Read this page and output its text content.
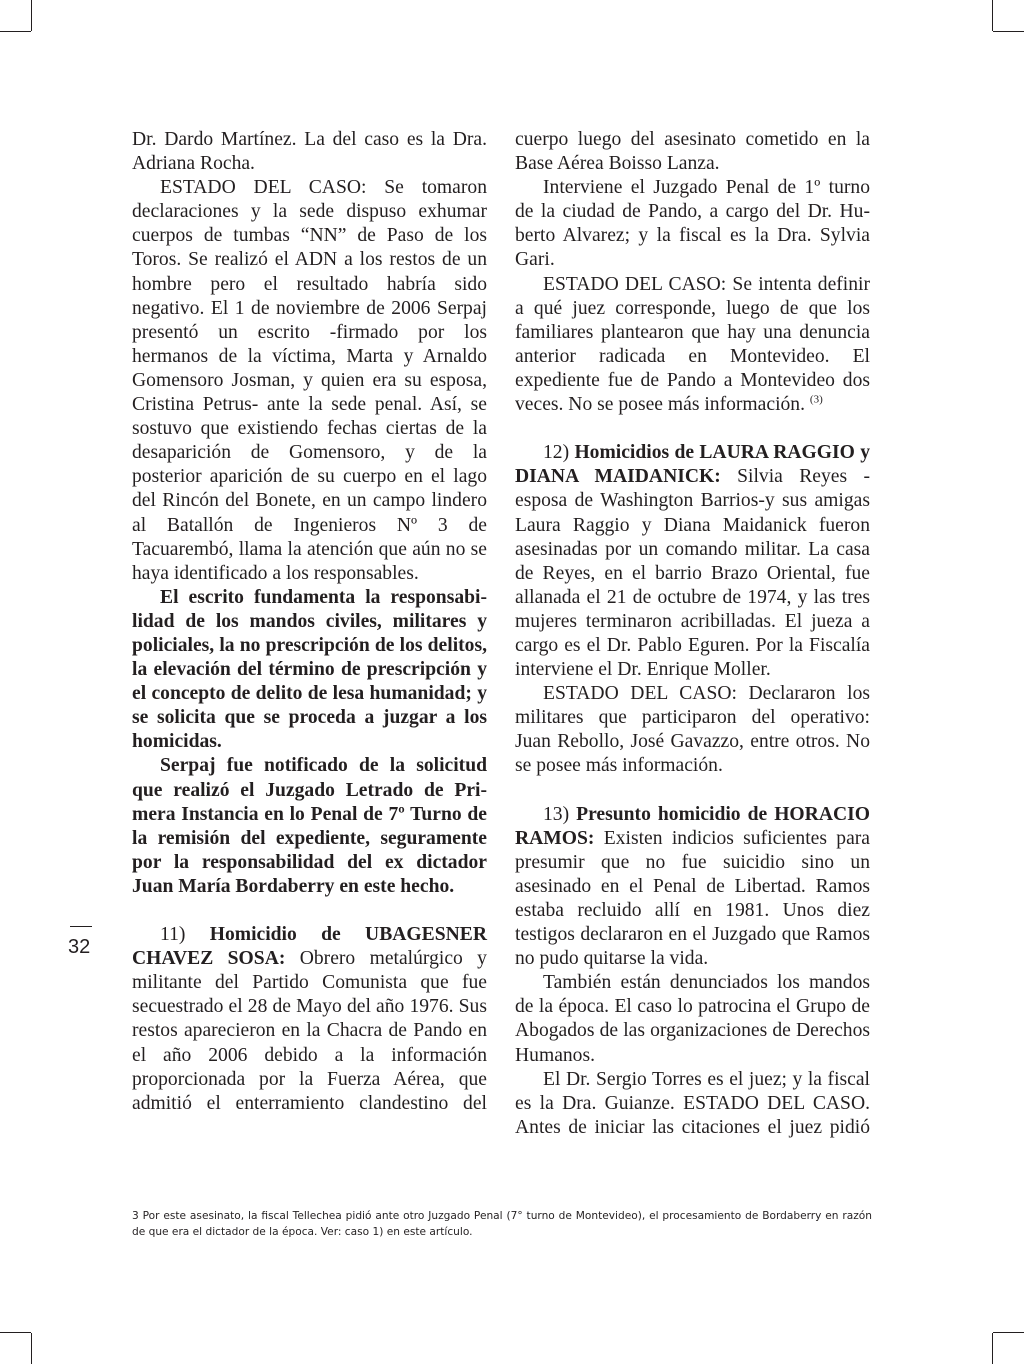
Dr. Dardo Martínez. La del caso es la Dra. Adriana Rocha.

ESTADO DEL CASO: Se tomaron declaraciones y la sede dispuso exhumar cuerpos de tumbas “NN” de Paso de los Toros. Se realizó el ADN a los restos de un hombre pero el resultado habría sido negativo. El 1 de noviembre de 2006 Serpaj presentó un escrito -firmado por los hermanos de la víctima, Marta y Arnaldo Gomensoro Josman, y quien era su esposa, Cristina Petrus- ante la sede penal. Así, se sostuvo que existiendo fechas ciertas de la desaparición de Gomensoro, y de la posterior aparición de su cuerpo en el lago del Rincón del Bonete, en un campo lindero al Batallón de Ingenieros Nº 3 de Tacuarembó, llama la atención que aún no se haya identificado a los responsables.

El escrito fundamenta la responsabilidad de los mandos civiles, militares y policiales, la no prescripción de los delitos, la elevación del término de prescripción y el concepto de delito de lesa humanidad; y se solicita que se proceda a juzgar a los homicidas.

Serpaj fue notificado de la solicitud que realizó el Juzgado Letrado de Primera Instancia en lo Penal de 7º Turno de la remisión del expediente, seguramente por la responsabilidad del ex dictador Juan María Bordaberry en este hecho.

11) Homicidio de UBAGESNER CHAVEZ SOSA: Obrero metalúrgico y militante del Partido Comunista que fue secuestrado el 28 de Mayo del año 1976. Sus restos aparecieron en la Chacra de Pando en el año 2006 debido a la información proporcionada por la Fuerza Aérea, que admitió el enterramiento clandestino del

cuerpo luego del asesinato cometido en la Base Aérea Boisso Lanza.

Interviene el Juzgado Penal de 1º turno de la ciudad de Pando, a cargo del Dr. Huberto Alvarez; y la fiscal es la Dra. Sylvia Gari.

ESTADO DEL CASO: Se intenta definir a qué juez corresponde, luego de que los familiares plantearon que hay una denuncia anterior radicada en Montevideo. El expediente fue de Pando a Montevideo dos veces. No se posee más información. $^{(3)}$

12) Homicidios de LAURA RAGGIO y DIANA MAIDANICK: Silvia Reyes -esposa de Washington Barrios-y sus amigas Laura Raggio y Diana Maidanick fueron asesinadas por un comando militar. La casa de Reyes, en el barrio Brazo Oriental, fue allanada el 21 de octubre de 1974, y las tres mujeres terminaron acribilladas. El jueza a cargo es el Dr. Pablo Eguren. Por la Fiscalía interviene el Dr. Enrique Moller.

ESTADO DEL CASO: Declararon los militares que participaron del operativo: Juan Rebollo, José Gavazzo, entre otros. No se posee más información.

13) Presunto homicidio de HORACIO RAMOS: Existen indicios suficientes para presumir que no fue suicidio sino un asesinado en el Penal de Libertad. Ramos estaba recluido allí en 1981. Unos diez testigos declararon en el Juzgado que Ramos no pudo quitarse la vida.

También están denunciados los mandos de la época. El caso lo patrocina el Grupo de Abogados de las organizaciones de Derechos Humanos.

El Dr. Sergio Torres es el juez; y la fiscal es la Dra. Guianze. ESTADO DEL CASO. Antes de iniciar las citaciones el juez pidió

32

3 Por este asesinato, la fiscal Tellechea pidió ante otro Juzgado Penal (7° turno de Montevideo), el procesamiento de Bordaberry en razón de que era el dictador de la época. Ver: caso 1) en este artículo.
